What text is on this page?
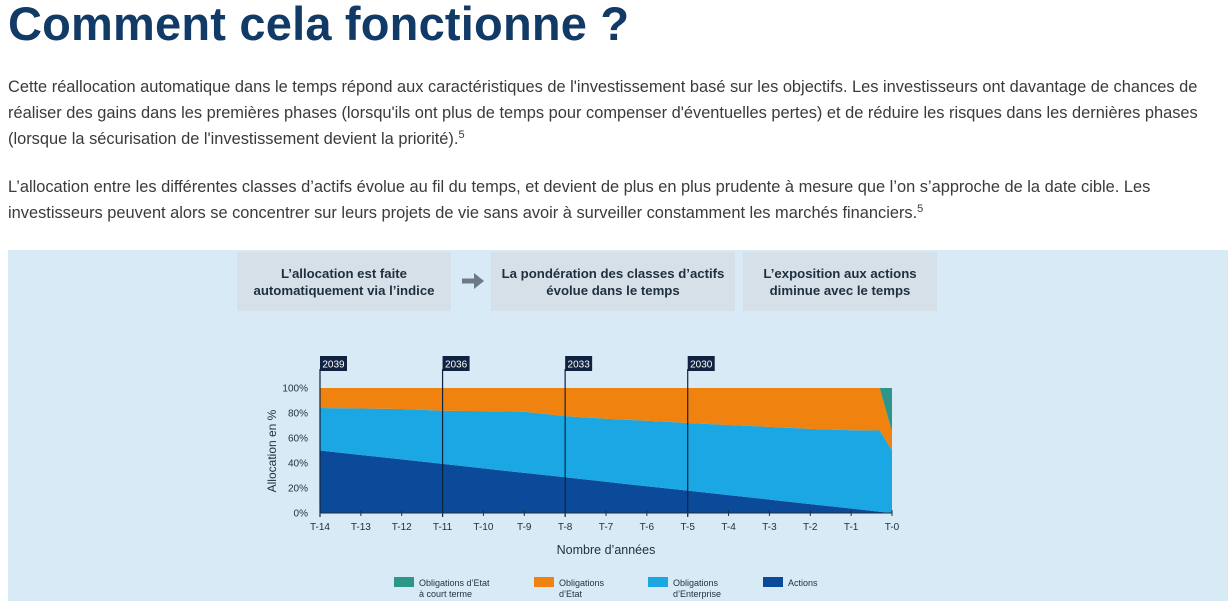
Comment cela fonctionne ?

Cette réallocation automatique dans le temps répond aux caractéristiques de l'investissement basé sur les objectifs. Les investisseurs ont davantage de chances de réaliser des gains dans les premières phases (lorsqu'ils ont plus de temps pour compenser d'éventuelles pertes) et de réduire les risques dans les dernières phases (lorsque la sécurisation de l'investissement devient la priorité).$^5$

L’allocation entre les différentes classes d’actifs évolue au fil du temps, et devient de plus en plus prudente à mesure que l’on s’approche de la date cible. Les investisseurs peuvent alors se concentrer sur leurs projets de vie sans avoir à surveiller constamment les marchés financiers.$^5$

L’allocation est faite
automatiquement via l’indice
La pondération des classes d’actifs
évolue dans le temps
L’exposition aux actions
diminue avec le temps
2039	2036	2033	2030
0%
20%
40%
60%
80%
100%
T-14 T-13 T-12 T-11 T-10 T-9	T-8	T-7	T-6	T-5	T-4	T-3	T-2	T-1	T-0
Nombre d’années
Allocation en %
Obligations d’Etat
à court terme
Obligations
d’Etat
Obligations
d’Enterprise
Actions
